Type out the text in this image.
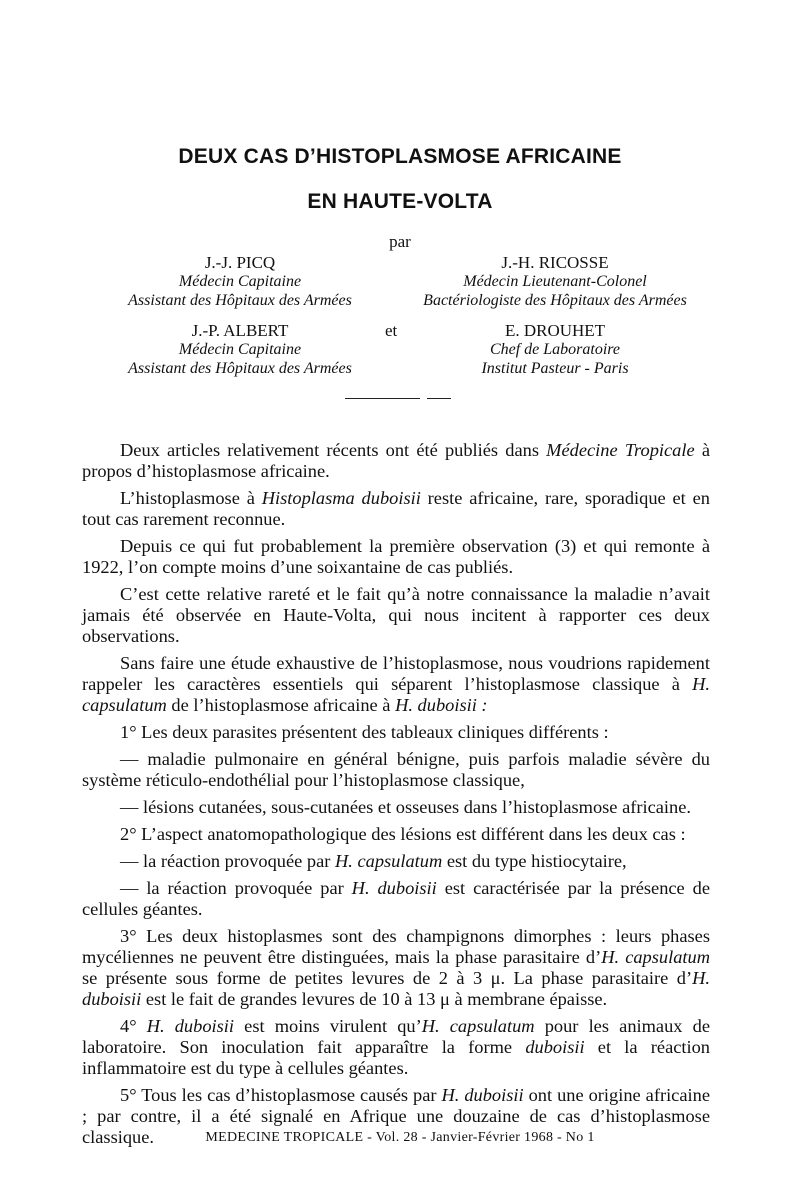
DEUX CAS D’HISTOPLASMOSE AFRICAINE
EN HAUTE-VOLTA
par
J.-J. PICQ
Médecin Capitaine
Assistant des Hôpitaux des Armées
J.-H. RICOSSE
Médecin Lieutenant-Colonel
Bactériologiste des Hôpitaux des Armées
et
J.-P. ALBERT
Médecin Capitaine
Assistant des Hôpitaux des Armées
E. DROUHET
Chef de Laboratoire
Institut Pasteur - Paris

Deux articles relativement récents ont été publiés dans Médecine Tropicale à propos d’histoplasmose africaine.

L’histoplasmose à Histoplasma duboisii reste africaine, rare, sporadique et en tout cas rarement reconnue.

Depuis ce qui fut probablement la première observation (3) et qui remonte à 1922, l’on compte moins d’une soixantaine de cas publiés.

C’est cette relative rareté et le fait qu’à notre connaissance la maladie n’avait jamais été observée en Haute-Volta, qui nous incitent à rapporter ces deux observations.

Sans faire une étude exhaustive de l’histoplasmose, nous voudrions rapidement rappeler les caractères essentiels qui séparent l’histoplasmose classique à H. capsulatum de l’histoplasmose africaine à H. duboisii :

1° Les deux parasites présentent des tableaux cliniques différents :

— maladie pulmonaire en général bénigne, puis parfois maladie sévère du système réticulo-endothélial pour l’histoplasmose classique,

— lésions cutanées, sous-cutanées et osseuses dans l’histoplasmose africaine.

2° L’aspect anatomopathologique des lésions est différent dans les deux cas :

— la réaction provoquée par H. capsulatum est du type histiocytaire,

— la réaction provoquée par H. duboisii est caractérisée par la présence de cellules géantes.

3° Les deux histoplasmes sont des champignons dimorphes : leurs phases mycéliennes ne peuvent être distinguées, mais la phase parasitaire d’H. capsulatum se présente sous forme de petites levures de 2 à 3 μ. La phase parasitaire d’H. duboisii est le fait de grandes levures de 10 à 13 μ à membrane épaisse.

4° H. duboisii est moins virulent qu’H. capsulatum pour les animaux de laboratoire. Son inoculation fait apparaître la forme duboisii et la réaction inflammatoire est du type à cellules géantes.

5° Tous les cas d’histoplasmose causés par H. duboisii ont une origine africaine ; par contre, il a été signalé en Afrique une douzaine de cas d’histoplasmose classique.	MEDECINE TROPICALE - Vol. 28 - Janvier-Février 1968 - No 1
